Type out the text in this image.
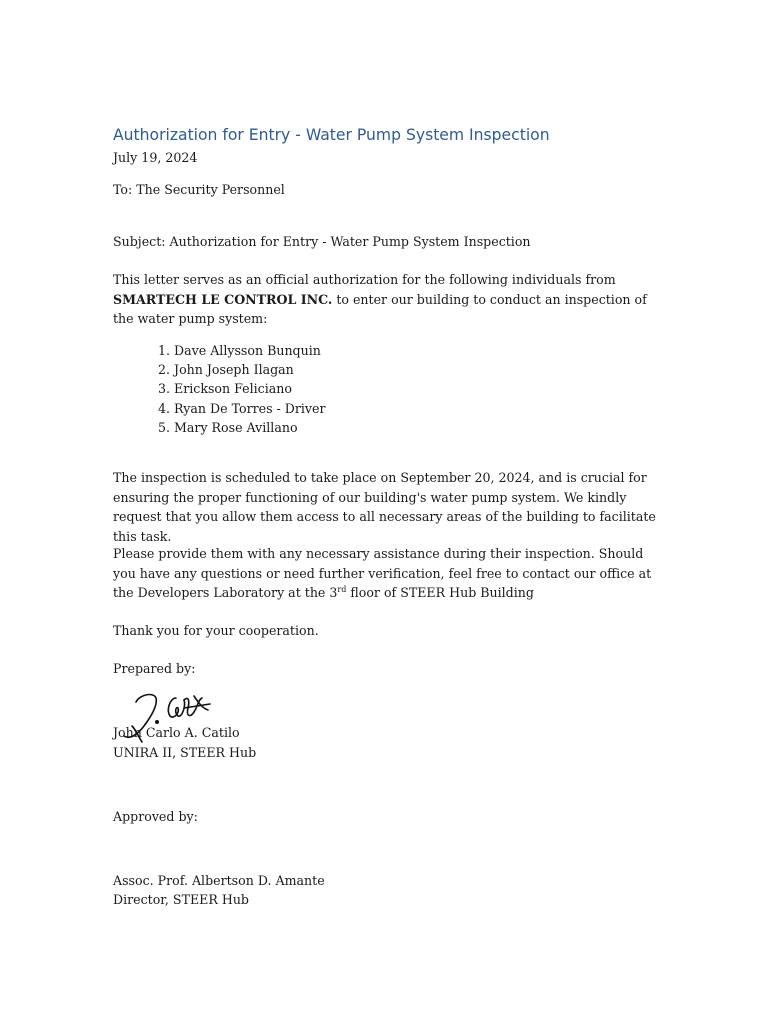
Authorization for Entry - Water Pump System Inspection
July 19, 2024
To: The Security Personnel
Subject: Authorization for Entry - Water Pump System Inspection
This letter serves as an official authorization for the following individuals from SMARTECH LE CONTROL INC. to enter our building to conduct an inspection of the water pump system:
1. Dave Allysson Bunquin
2. John Joseph Ilagan
3. Erickson Feliciano
4. Ryan De Torres - Driver
5. Mary Rose Avillano
The inspection is scheduled to take place on September 20, 2024, and is crucial for ensuring the proper functioning of our building's water pump system. We kindly request that you allow them access to all necessary areas of the building to facilitate this task.
Please provide them with any necessary assistance during their inspection. Should you have any questions or need further verification, feel free to contact our office at the Developers Laboratory at the 3rd floor of STEER Hub Building
Thank you for your cooperation.
Prepared by:
John Carlo A. Catilo
UNIRA II, STEER Hub
Approved by:
Assoc. Prof. Albertson D. Amante
Director, STEER Hub
